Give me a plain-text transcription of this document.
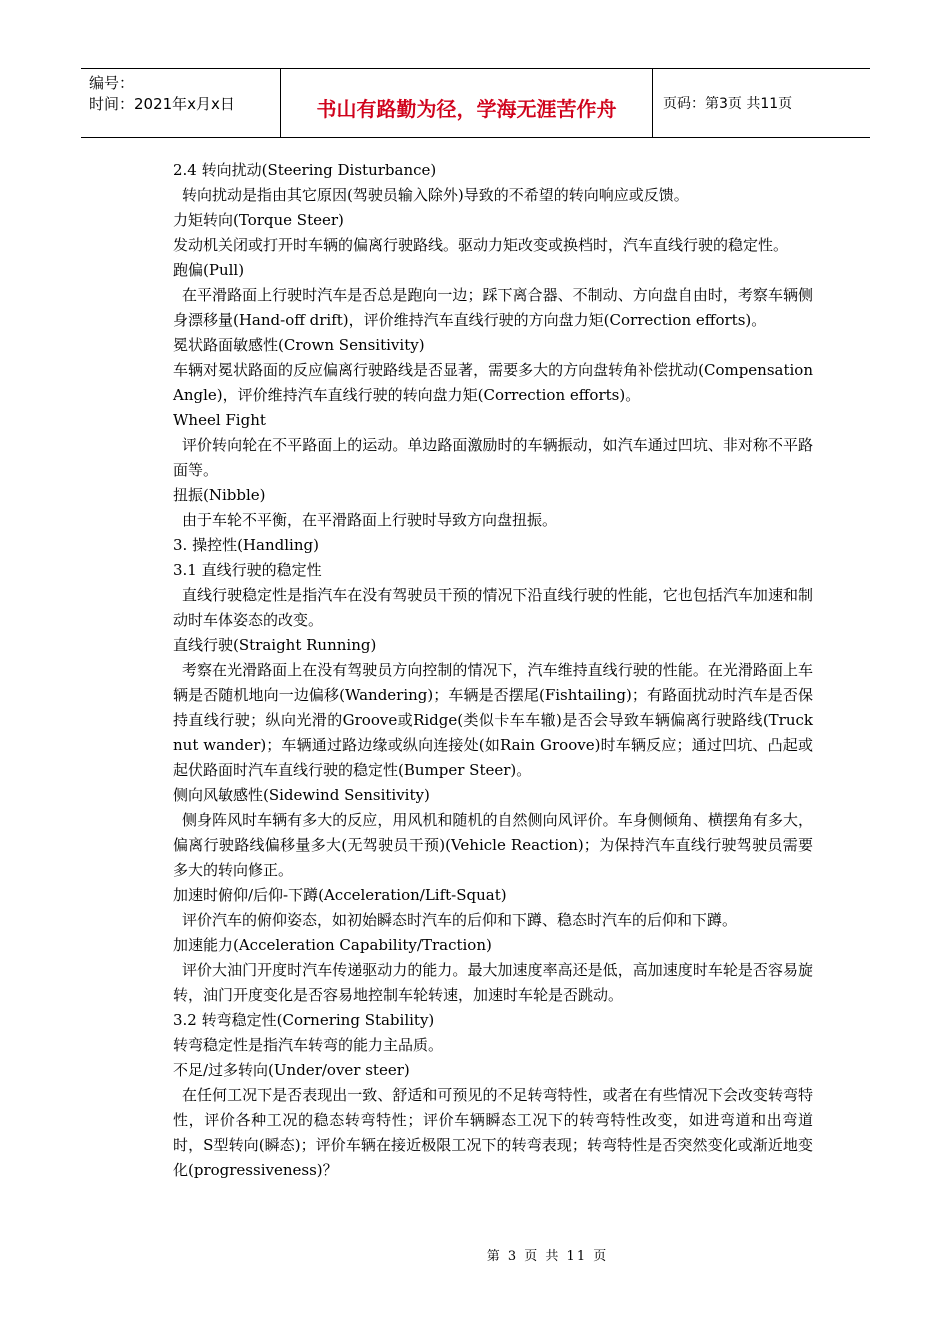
编号：
时间：2021年x月x日	书山有路勤为径，学海无涯苦作舟	页码：第3页 共11页

2.4 转向扰动(Steering Disturbance)

转向扰动是指由其它原因(驾驶员输入除外)导致的不希望的转向响应或反馈。

力矩转向(Torque Steer)

发动机关闭或打开时车辆的偏离行驶路线。驱动力矩改变或换档时，汽车直线行驶的稳定性。

跑偏(Pull)

在平滑路面上行驶时汽车是否总是跑向一边；踩下离合器、不制动、方向盘自由时，考察车辆侧身漂移量(Hand-off drift)，评价维持汽车直线行驶的方向盘力矩(Correction efforts)。

冕状路面敏感性(Crown Sensitivity)

车辆对冕状路面的反应偏离行驶路线是否显著，需要多大的方向盘转角补偿扰动(Compensation Angle)，评价维持汽车直线行驶的转向盘力矩(Correction efforts)。

Wheel Fight

评价转向轮在不平路面上的运动。单边路面激励时的车辆振动，如汽车通过凹坑、非对称不平路面等。

扭振(Nibble)

由于车轮不平衡，在平滑路面上行驶时导致方向盘扭振。

3. 操控性(Handling)

3.1 直线行驶的稳定性

直线行驶稳定性是指汽车在没有驾驶员干预的情况下沿直线行驶的性能，它也包括汽车加速和制动时车体姿态的改变。

直线行驶(Straight Running)

考察在光滑路面上在没有驾驶员方向控制的情况下，汽车维持直线行驶的性能。在光滑路面上车辆是否随机地向一边偏移(Wandering)；车辆是否摆尾(Fishtailing)；有路面扰动时汽车是否保持直线行驶；纵向光滑的Groove或Ridge(类似卡车车辙)是否会导致车辆偏离行驶路线(Truck nut wander)；车辆通过路边缘或纵向连接处(如Rain Groove)时车辆反应；通过凹坑、凸起或起伏路面时汽车直线行驶的稳定性(Bumper Steer)。

侧向风敏感性(Sidewind Sensitivity)

侧身阵风时车辆有多大的反应，用风机和随机的自然侧向风评价。车身侧倾角、横摆角有多大，偏离行驶路线偏移量多大(无驾驶员干预)(Vehicle Reaction)；为保持汽车直线行驶驾驶员需要多大的转向修正。

加速时俯仰/后仰-下蹲(Acceleration/Lift-Squat)

评价汽车的俯仰姿态，如初始瞬态时汽车的后仰和下蹲、稳态时汽车的后仰和下蹲。

加速能力(Acceleration Capability/Traction)

评价大油门开度时汽车传递驱动力的能力。最大加速度率高还是低，高加速度时车轮是否容易旋转，油门开度变化是否容易地控制车轮转速，加速时车轮是否跳动。

3.2 转弯稳定性(Cornering Stability)

转弯稳定性是指汽车转弯的能力主品质。

不足/过多转向(Under/over steer)

在任何工况下是否表现出一致、舒适和可预见的不足转弯特性，或者在有些情况下会改变转弯特性，评价各种工况的稳态转弯特性；评价车辆瞬态工况下的转弯特性改变，如进弯道和出弯道时，S型转向(瞬态)；评价车辆在接近极限工况下的转弯表现；转弯特性是否突然变化或渐近地变化(progressiveness)？

第 3 页 共 11 页
